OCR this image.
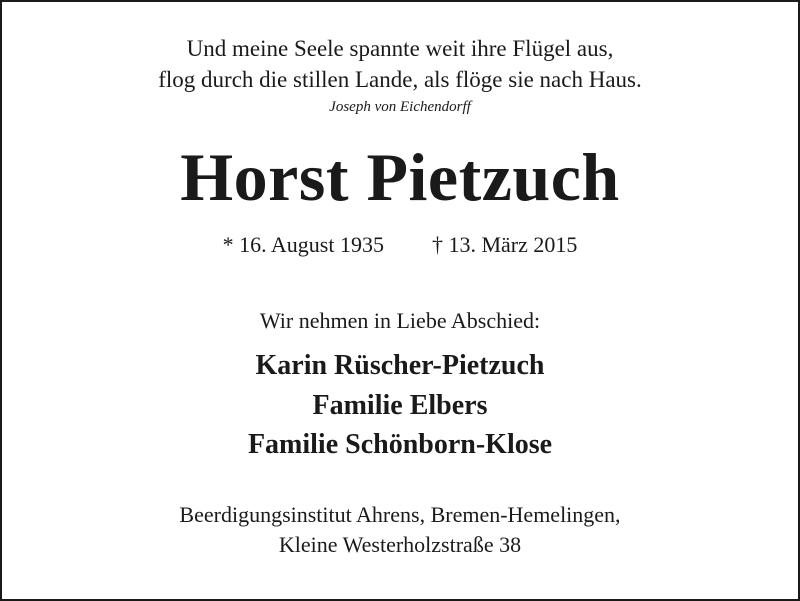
Und meine Seele spannte weit ihre Flügel aus,
flog durch die stillen Lande, als flöge sie nach Haus.
Joseph von Eichendorff
Horst Pietzuch
* 16. August 1935 † 13. März 2015
Wir nehmen in Liebe Abschied:
Karin Rüscher-Pietzuch
Familie Elbers
Familie Schönborn-Klose
Beerdigungsinstitut Ahrens, Bremen-Hemelingen,
Kleine Westerholzstraße 38
